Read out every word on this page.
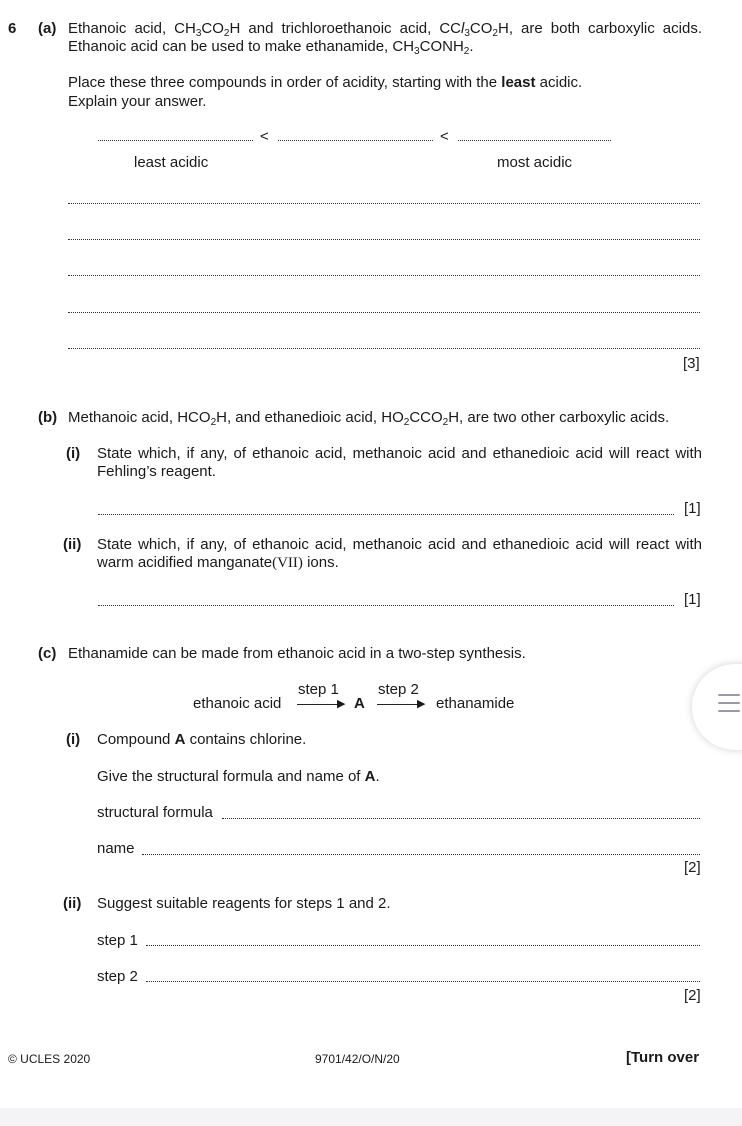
6 (a) Ethanoic acid, $CH_3CO_2H$ and trichloroethanoic acid, $CCl_3CO_2H$, are both carboxylic acids.
Ethanoic acid can be used to make ethanamide, $CH_3CONH_2$.
Place these three compounds in order of acidity, starting with the least acidic.
Explain your answer.
<	<
least acidic	most acidic
[3]
(b) Methanoic acid, $HCO_2H$, and ethanedioic acid, $HO_2CCO_2H$, are two other carboxylic acids.
(i) State which, if any, of ethanoic acid, methanoic acid and ethanedioic acid will react with
Fehling’s reagent.
[1]
(ii) State which, if any, of ethanoic acid, methanoic acid and ethanedioic acid will react with
warm acidified manganate(VII) ions.
[1]
(c) Ethanamide can be made from ethanoic acid in a two-step synthesis.
ethanoic acid
step 1
▶ A
step 2
▶ ethanamide
(i) Compound A contains chlorine.
Give the structural formula and name of A.
structural formula
name
[2]
(ii) Suggest suitable reagents for steps 1 and 2.
step 1
step 2
[2]
© UCLES 2020	9701/42/O/N/20	[Turn over
